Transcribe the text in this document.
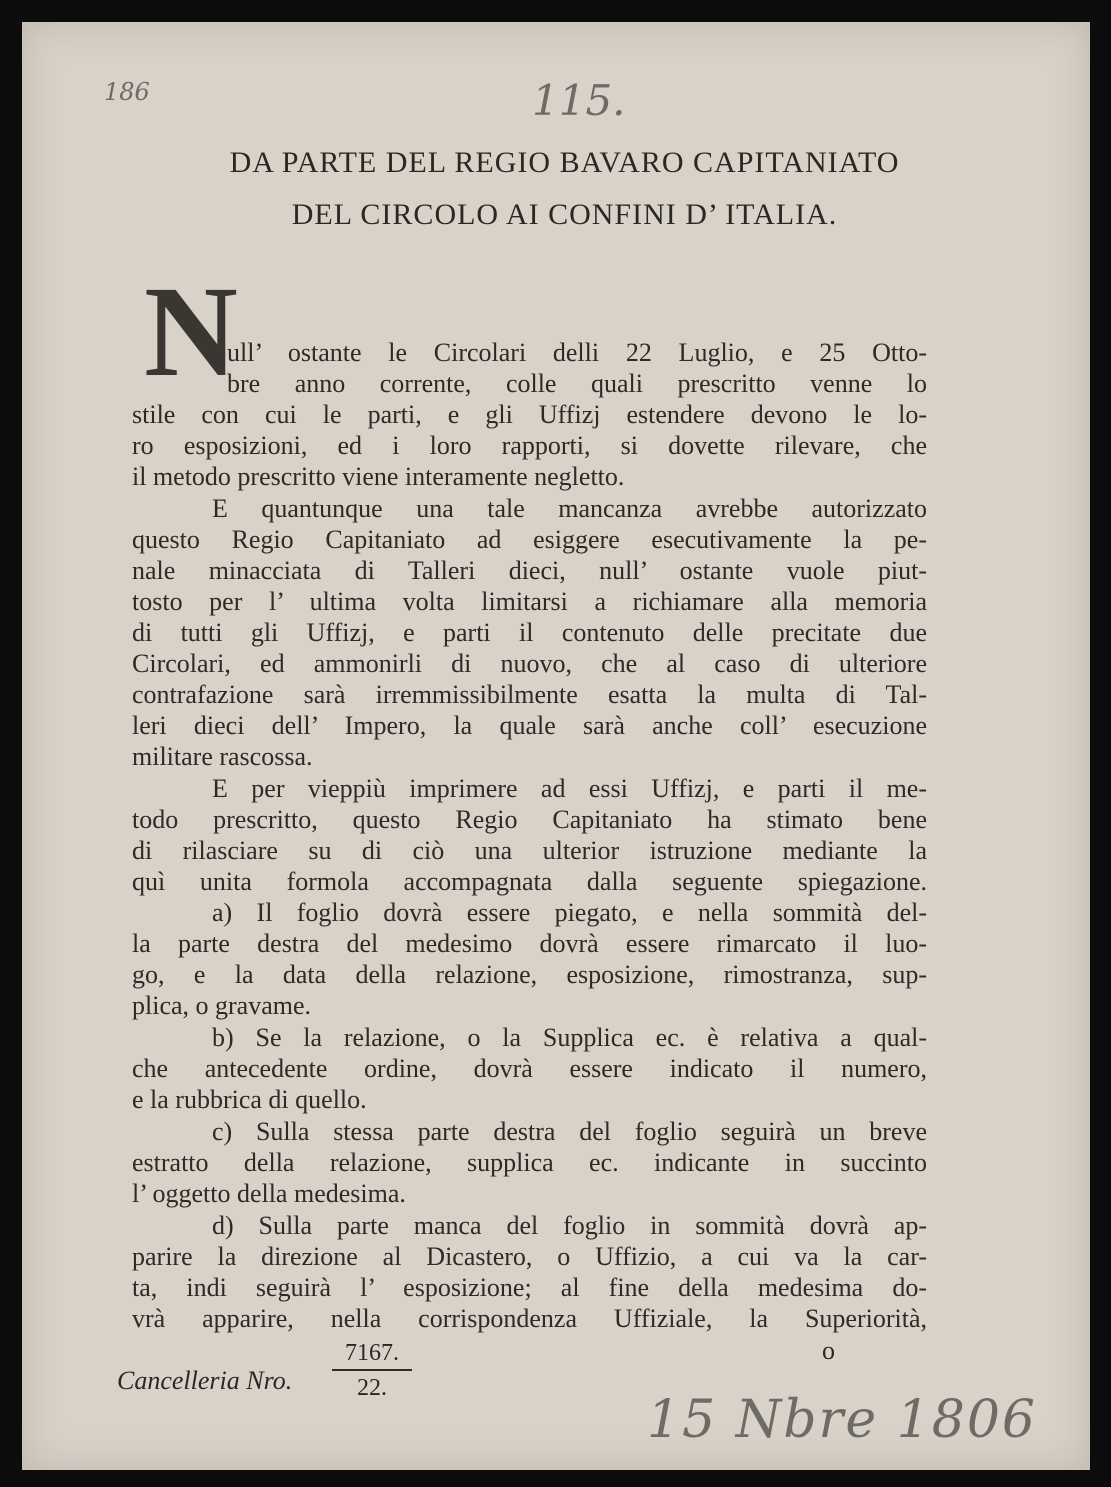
186	115.
DA PARTE DEL REGIO BAVARO CAPITANIATO
DEL CIRCOLO AI CONFINI D’ ITALIA.
N
ull’ ostante le Circolari delli 22 Luglio, e 25 Otto-
bre anno corrente, colle quali prescritto venne lo
stile con cui le parti, e gli Uffizj estendere devono le lo-
ro esposizioni, ed i loro rapporti, si dovette rilevare, che
il metodo prescritto viene interamente negletto.
E quantunque una tale mancanza avrebbe autorizzato
questo Regio Capitaniato ad esiggere esecutivamente la pe-
nale minacciata di Talleri dieci, null’ ostante vuole piut-
tosto per l’ ultima volta limitarsi a richiamare alla memoria
di tutti gli Uffizj, e parti il contenuto delle precitate due
Circolari, ed ammonirli di nuovo, che al caso di ulteriore
contrafazione sarà irremmissibilmente esatta la multa di Tal-
leri dieci dell’ Impero, la quale sarà anche coll’ esecuzione
militare rascossa.
E per vieppiù imprimere ad essi Uffizj, e parti il me-
todo prescritto, questo Regio Capitaniato ha stimato bene
di rilasciare su di ciò una ulterior istruzione mediante la
quì unita formola accompagnata dalla seguente spiegazione.
a) Il foglio dovrà essere piegato, e nella sommità del-
la parte destra del medesimo dovrà essere rimarcato il luo-
go, e la data della relazione, esposizione, rimostranza, sup-
plica, o gravame.
b) Se la relazione, o la Supplica ec. è relativa a qual-
che antecedente ordine, dovrà essere indicato il numero,
e la rubbrica di quello.
c) Sulla stessa parte destra del foglio seguirà un breve
estratto della relazione, supplica ec. indicante in succinto
l’ oggetto della medesima.
d) Sulla parte manca del foglio in sommità dovrà ap-
parire la direzione al Dicastero, o Uffizio, a cui va la car-
ta, indi seguirà l’ esposizione; al fine della medesima do-
vrà apparire, nella corrispondenza Uffiziale, la Superiorità,
o
Cancelleria Nro. $\frac{7167.}{22.}$
15 Nbre 1806
